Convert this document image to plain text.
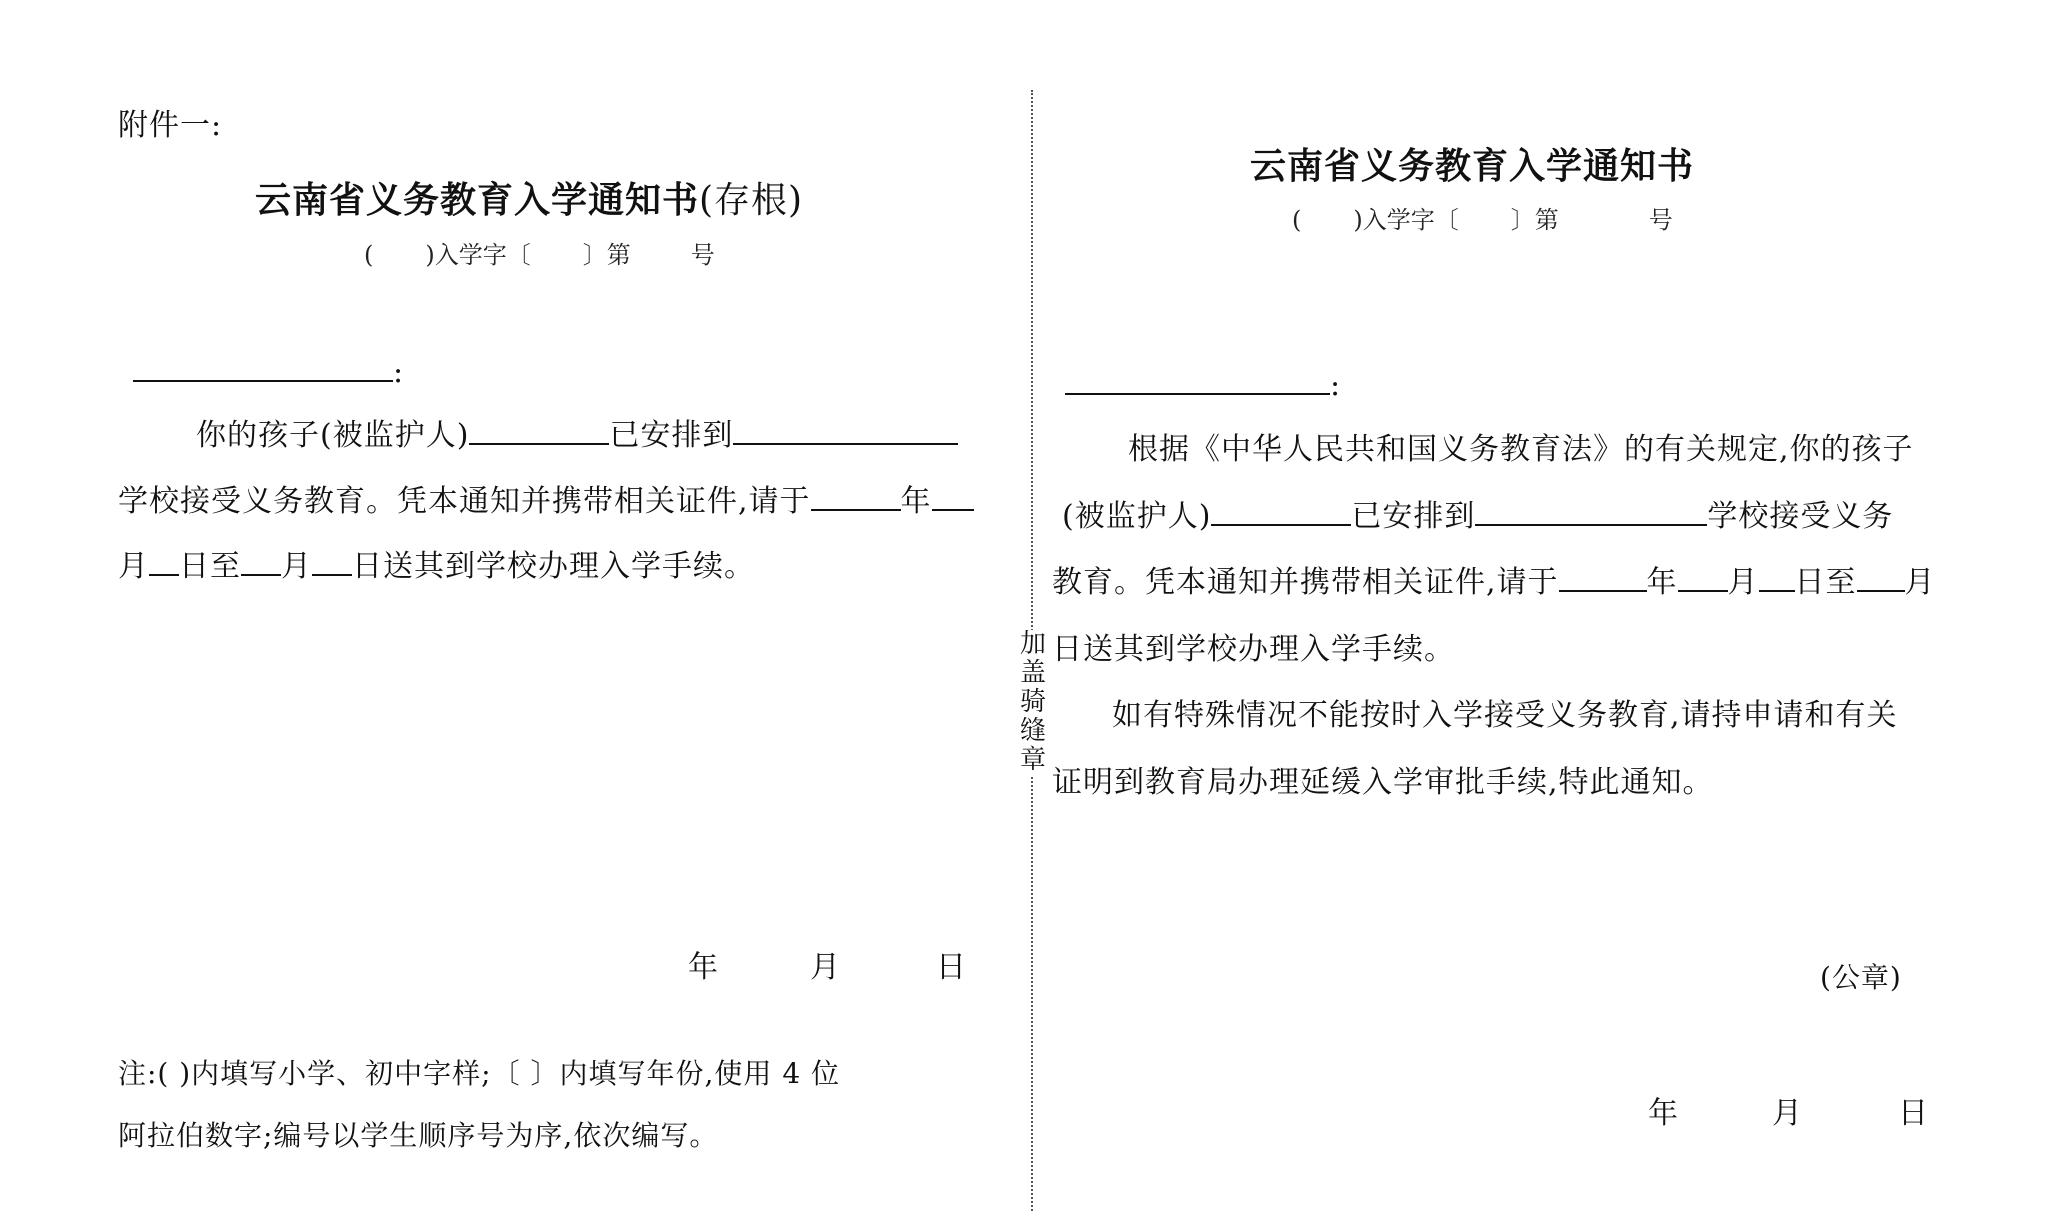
附件一:
云南省义务教育入学通知书(存根)
( )入学字〔 〕第	号
:
你的孩子(被监护人)	已安排到
学校接受义务教育。凭本通知并携带相关证件,请于	年
月 日至 月 日送其到学校办理入学手续。
年	月	日
注:( )内填写小学、初中字样;〔 〕内填写年份,使用 4 位
阿拉伯数字;编号以学生顺序号为序,依次编写。
加盖骑缝章
云南省义务教育入学通知书
( )入学字〔 〕第	号
:
根据《中华人民共和国义务教育法》的有关规定,你的孩子
(被监护人)	已安排到	学校接受义务
教育。凭本通知并携带相关证件,请于	年 月 日至 月
日送其到学校办理入学手续。
如有特殊情况不能按时入学接受义务教育,请持申请和有关
证明到教育局办理延缓入学审批手续,特此通知。
(公章)
年	月	日
